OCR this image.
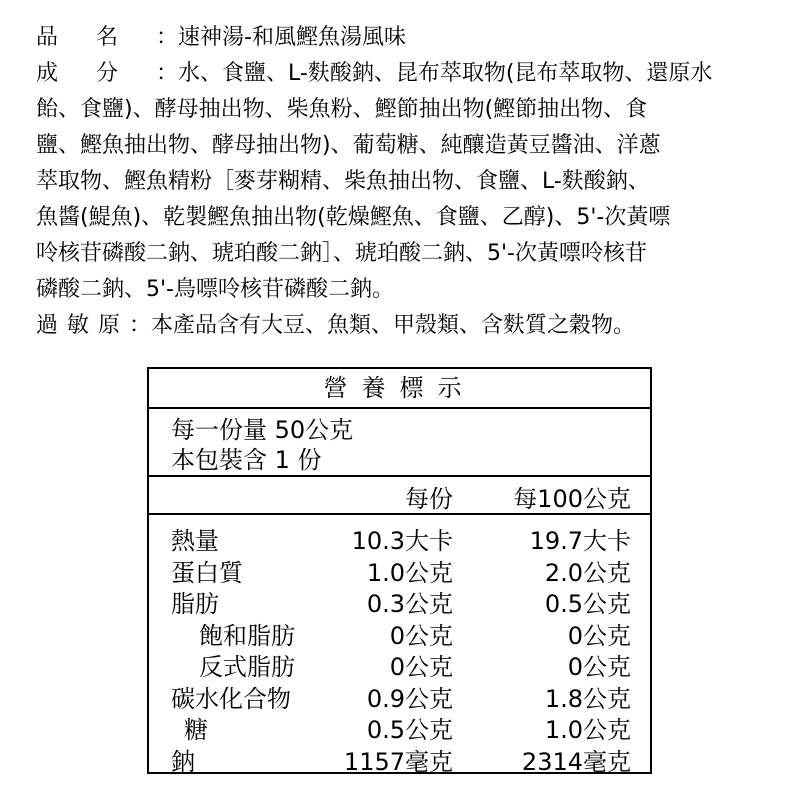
品名：速神湯-和風鰹魚湯風味
成分：水、食鹽、L-麩酸鈉、昆布萃取物(昆布萃取物、還原水
飴、食鹽)、酵母抽出物、柴魚粉、鰹節抽出物(鰹節抽出物、食
鹽、鰹魚抽出物、酵母抽出物)、葡萄糖、純釀造黃豆醬油、洋蔥
萃取物、鰹魚精粉［麥芽糊精、柴魚抽出物、食鹽、L-麩酸鈉、
魚醬(鯷魚)、乾製鰹魚抽出物(乾燥鰹魚、食鹽、乙醇)、5'-次黃嘌
呤核苷磷酸二鈉、琥珀酸二鈉］、琥珀酸二鈉、5'-次黃嘌呤核苷
磷酸二鈉、5'-鳥嘌呤核苷磷酸二鈉。
過敏原：本產品含有大豆、魚類、甲殼類、含麩質之穀物。
營養標示
每一份量 50公克
本包裝含 1 份
每份	每100公克
熱量	10.3大卡	19.7大卡
蛋白質	1.0公克	2.0公克
脂肪	0.3公克	0.5公克
飽和脂肪	0公克	0公克
反式脂肪	0公克	0公克
碳水化合物	0.9公克	1.8公克
糖	0.5公克	1.0公克
鈉	1157毫克	2314毫克
